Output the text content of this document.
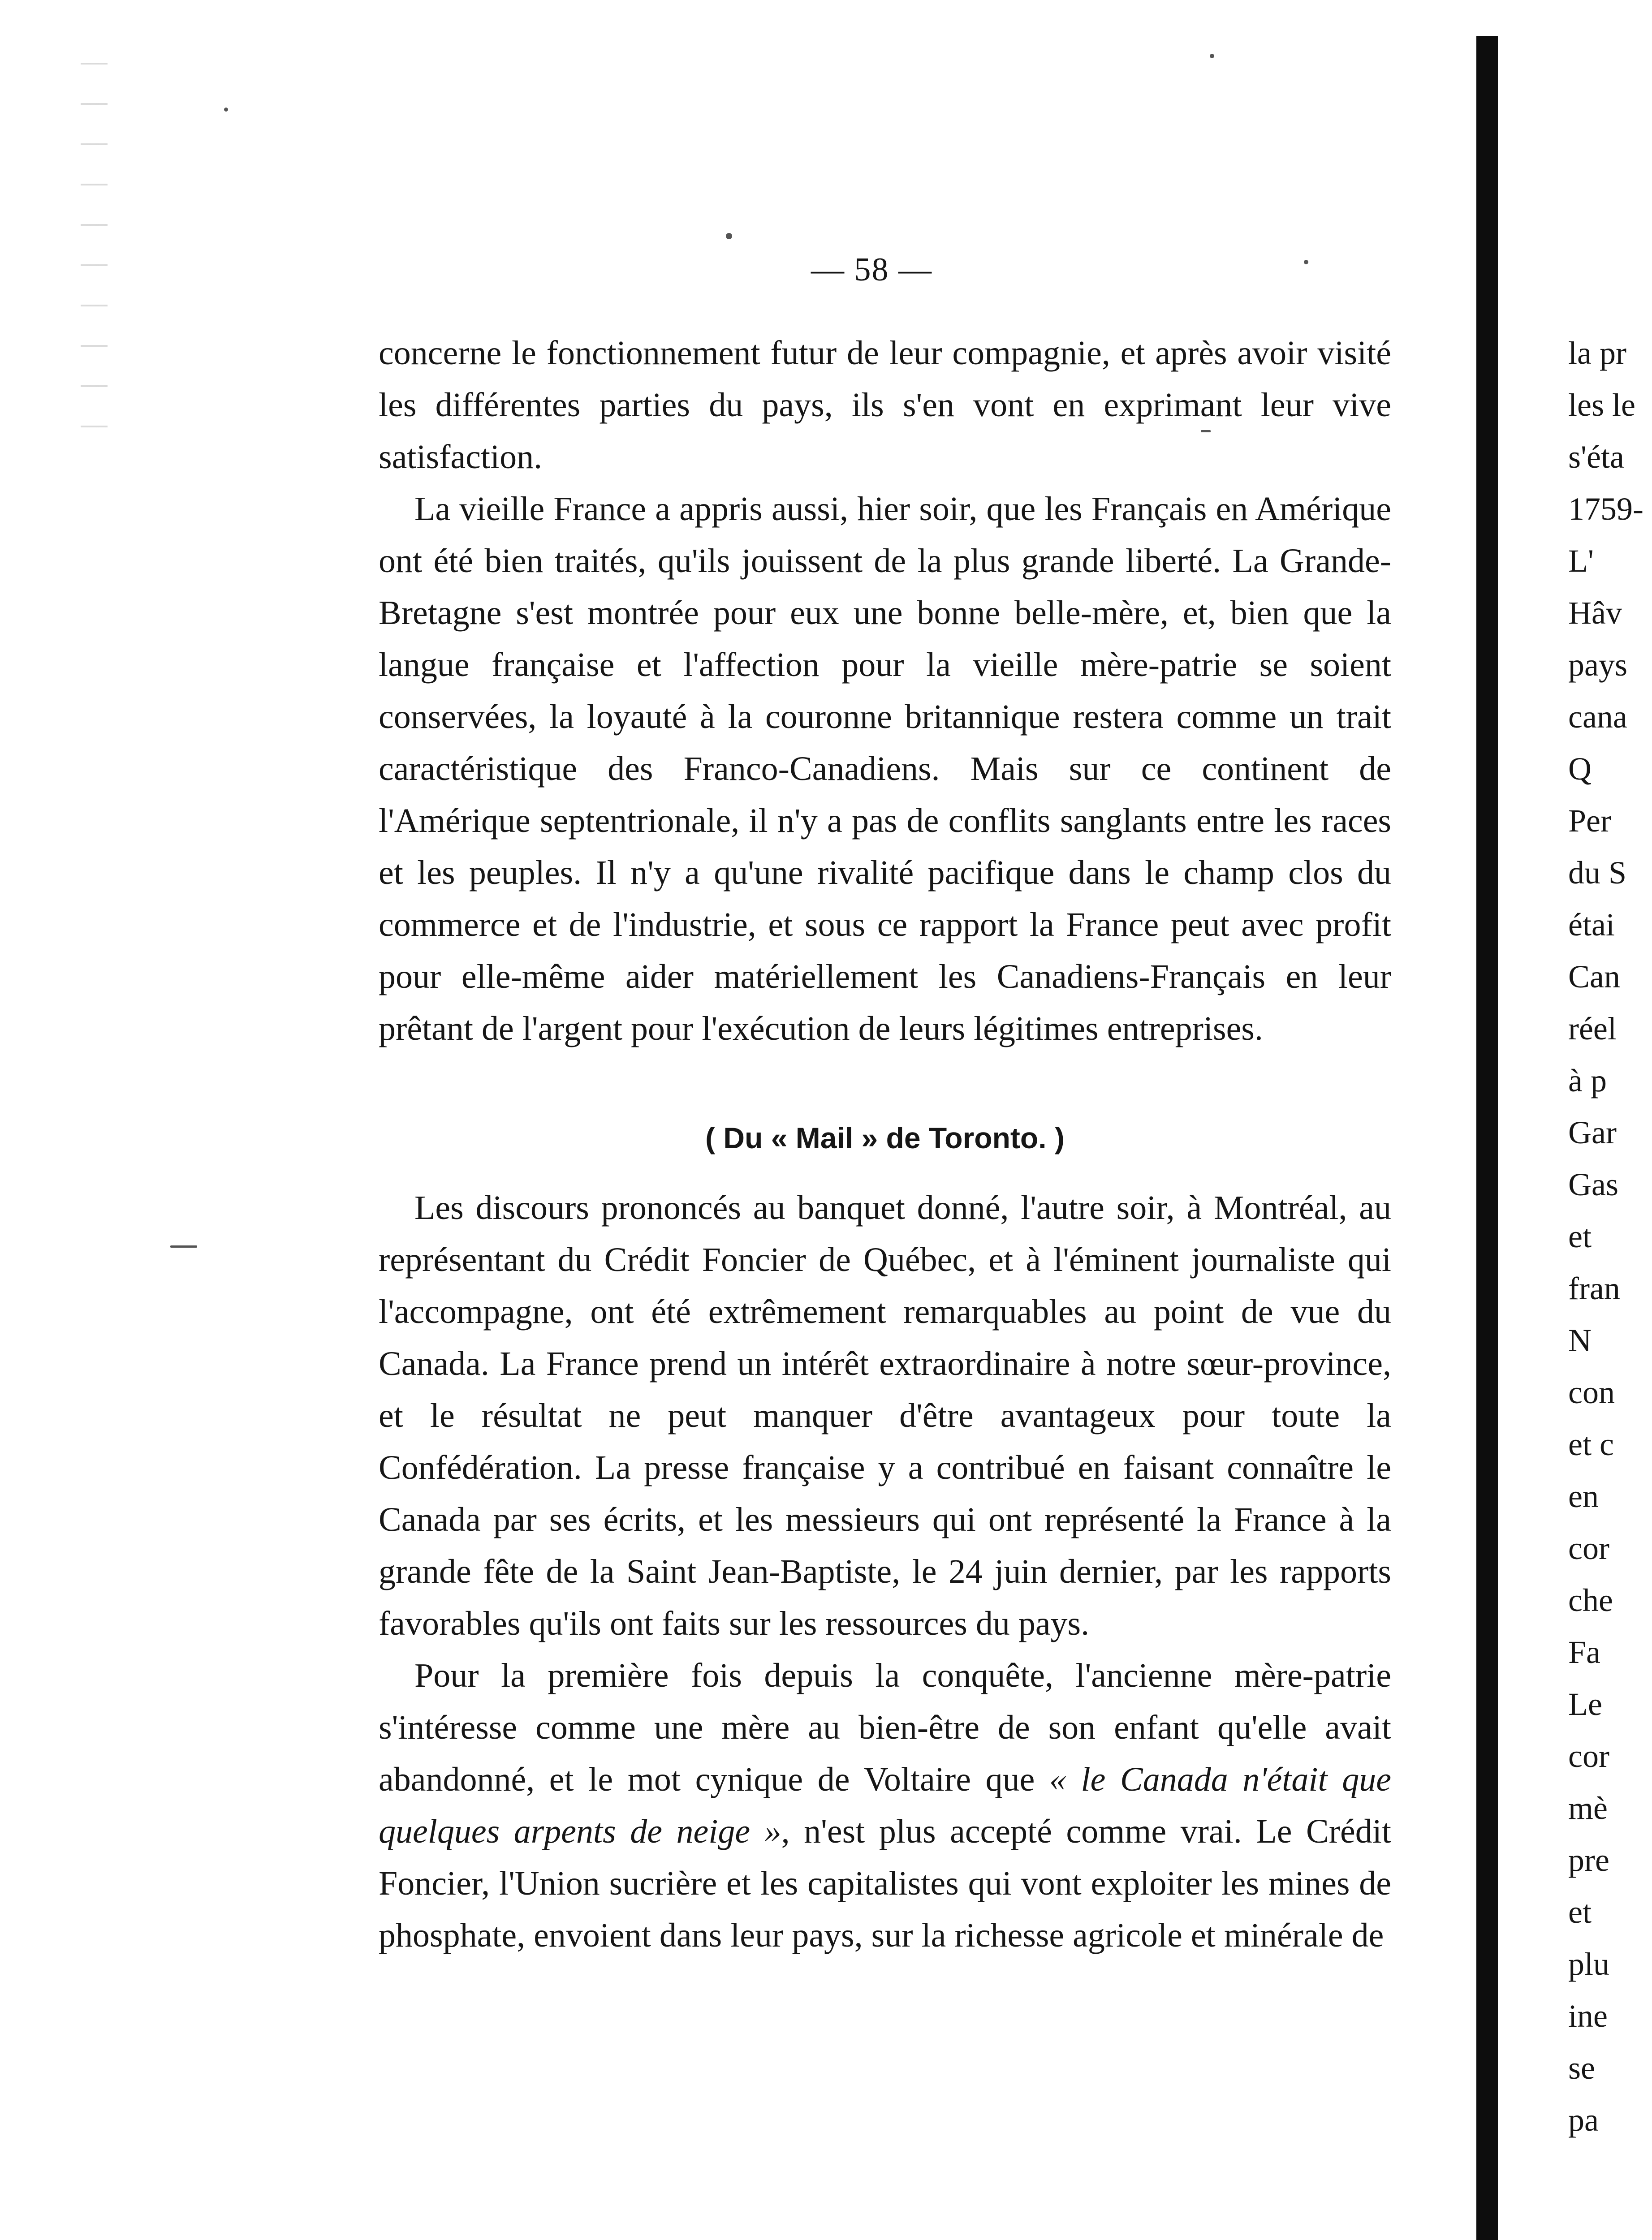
— 58 —

concerne le fonctionnement futur de leur compagnie, et après avoir visité les différentes parties du pays, ils s'en vont en exprimant leur vive satisfaction.

La vieille France a appris aussi, hier soir, que les Français en Amérique ont été bien traités, qu'ils jouissent de la plus grande liberté. La Grande-Bretagne s'est montrée pour eux une bonne belle-mère, et, bien que la langue française et l'affection pour la vieille mère-patrie se soient conservées, la loyauté à la couronne britannique restera comme un trait caractéristique des Franco-Canadiens. Mais sur ce continent de l'Amérique septentrionale, il n'y a pas de conflits sanglants entre les races et les peuples. Il n'y a qu'une rivalité pacifique dans le champ clos du commerce et de l'industrie, et sous ce rapport la France peut avec profit pour elle-même aider matériellement les Canadiens-Français en leur prêtant de l'argent pour l'exécution de leurs légitimes entreprises.

( Du « Mail » de Toronto. )

Les discours prononcés au banquet donné, l'autre soir, à Montréal, au représentant du Crédit Foncier de Québec, et à l'éminent journaliste qui l'accompagne, ont été extrêmement remarquables au point de vue du Canada. La France prend un intérêt extraordinaire à notre sœur-province, et le résultat ne peut manquer d'être avantageux pour toute la Confédération. La presse française y a contribué en faisant connaître le Canada par ses écrits, et les messieurs qui ont représenté la France à la grande fête de la Saint Jean-Baptiste, le 24 juin dernier, par les rapports favorables qu'ils ont faits sur les ressources du pays.

Pour la première fois depuis la conquête, l'ancienne mère-patrie s'intéresse comme une mère au bien-être de son enfant qu'elle avait abandonné, et le mot cynique de Voltaire que « le Canada n'était que quelques arpents de neige », n'est plus accepté comme vrai. Le Crédit Foncier, l'Union sucrière et les capitalistes qui vont exploiter les mines de phosphate, envoient dans leur pays, sur la richesse agricole et minérale de

la pr
les le
s'éta
1759-
L'
Hâv
pays
cana
Q
Per
du S
étai
Can
réel
à p
Gar
Gas
et
fran
N
con
et c
en
cor
che
Fa
Le
cor
mè
pre
et
plu
ine
se
pa
